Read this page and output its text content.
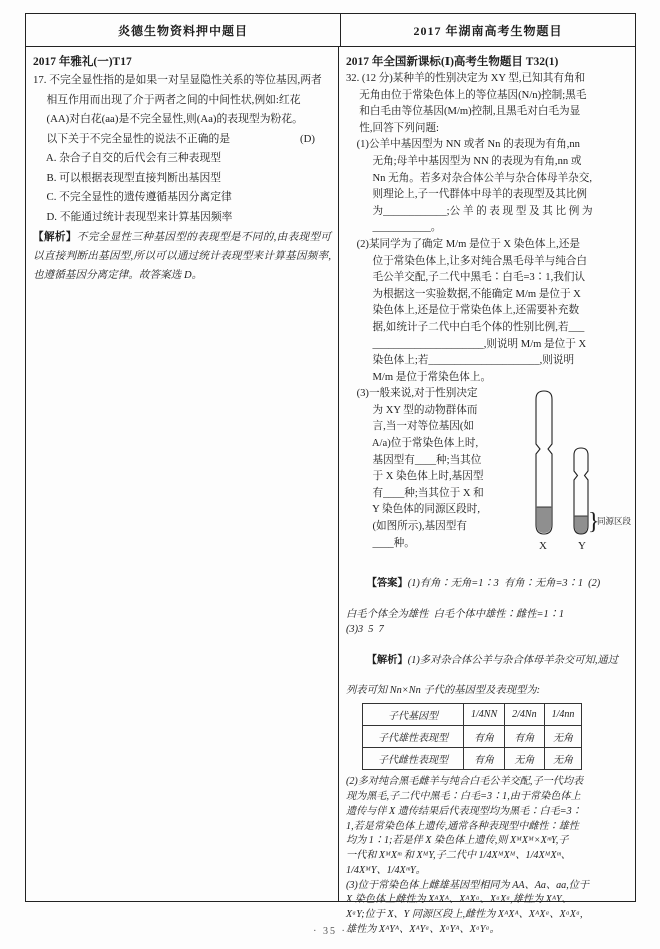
炎德生物资料押中题目	2017 年湖南高考生物题目
2017 年雅礼(一)T17
17. 不完全显性指的是如果一对呈显隐性关系的等位基因,两者
相互作用而出现了介于两者之间的中间性状,例如:红花
(AA)对白花(aa)是不完全显性,则(Aa)的表现型为粉花。
以下关于不完全显性的说法不正确的是	(D)
A. 杂合子自交的后代会有三种表现型
B. 可以根据表现型直接判断出基因型
C. 不完全显性的遗传遵循基因分离定律
D. 不能通过统计表现型来计算基因频率
【解析】不完全显性三种基因型的表现型是不同的,由表现型可以直接判断出基因型,所以可以通过统计表现型来计算基因频率,也遵循基因分离定律。故答案选 D。
2017 年全国新课标(Ⅰ)高考生物题目 T32(1)
32. (12 分)某种羊的性别决定为 XY 型,已知其有角和
无角由位于常染色体上的等位基因(N/n)控制;黑毛
和白毛由等位基因(M/m)控制,且黑毛对白毛为显
性,回答下列问题:
(1)公羊中基因型为 NN 或者 Nn 的表现为有角,nn
无角;母羊中基因型为 NN 的表现为有角,nn 或
Nn 无角。若多对杂合体公羊与杂合体母羊杂交,
则理论上,子一代群体中母羊的表现型及其比例
为____________;公 羊 的 表 现 型 及 其 比 例 为
___________。
(2)某同学为了确定 M/m 是位于 X 染色体上,还是
位于常染色体上,让多对纯合黑毛母羊与纯合白
毛公羊交配,子二代中黑毛∶白毛=3∶1,我们认
为根据这一实验数据,不能确定 M/m 是位于 X
染色体上,还是位于常染色体上,还需要补充数
据,如统计子二代中白毛个体的性别比例,若___
_____________________,则说明 M/m 是位于 X
染色体上;若_____________________,则说明
M/m 是位于常染色体上。
(3)一般来说,对于性别决定
为 XY 型的动物群体而
言,当一对等位基因(如
A/a)位于常染色体上时,
基因型有____种;当其位
于 X 染色体上时,基因型
有____种;当其位于 X 和
Y 染色体的同源区段时,
(如图所示),基因型有
____种。	X	Y
}
同源区段

【答案】(1)有角∶无角=1∶3  有角∶无角=3∶1  (2)

白毛个体全为雄性  白毛个体中雄性∶雌性=1∶1
(3)3  5  7

【解析】(1)多对杂合体公羊与杂合体母羊杂交可知,通过

列表可知 Nn×Nn 子代的基因型及表现型为:
子代基因型	1/4NN	2/4Nn	1/4nn
子代雄性表现型	有角	有角	无角
子代雌性表现型	有角	无角	无角
(2)多对纯合黑毛雌羊与纯合白毛公羊交配,子一代均表
现为黑毛,子二代中黑毛∶白毛=3∶1,由于常染色体上
遗传与伴 X 遗传结果后代表现型均为黑毛∶白毛=3∶
1,若是常染色体上遗传,通常各种表现型中雌性∶雄性
均为 1∶1;若是伴 X 染色体上遗传,则 XᴹXᴹ×XᵐY,子
一代和 XᴹXᵐ 和 XᴹY,子二代中 1/4XᴹXᴹ、1/4XᴹXᵐ、
1/4XᴹY、1/4XᵐY。
(3)位于常染色体上雌雄基因型相同为 AA、Aa、aa,位于
X 染色体上雌性为 XᴬXᴬ、XᴬXᵃ、XᵃXᵃ,雄性为 XᴬY、
XᵃY;位于 X、Y 同源区段上,雌性为 XᴬXᴬ、XᴬXᵃ、XᵃXᵃ,
雄性为 XᴬYᴬ、XᴬYᵃ、XᵃYᴬ、XᵃYᵃ。
· 35 ·
